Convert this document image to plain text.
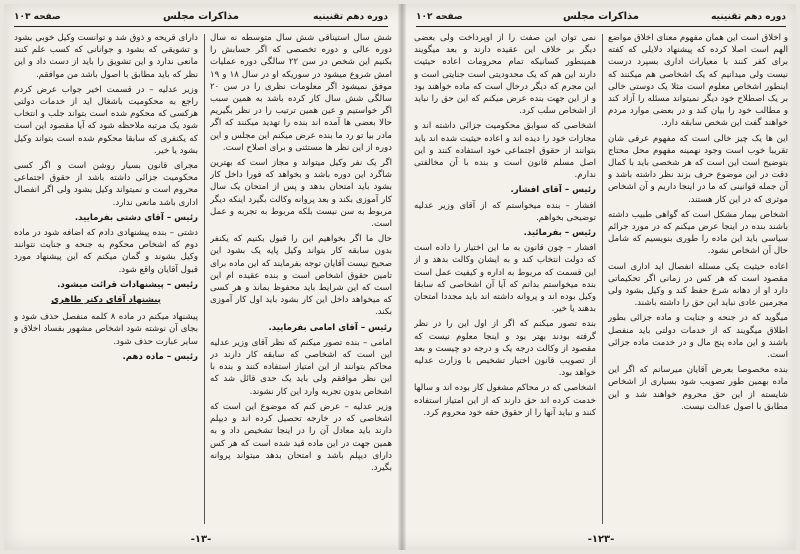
دوره دهم تقنینیه
مذاکرات مجلس
صفحه ۱۰۳

شش سال استیناقی شش سال متوسطه نه سال دوره عالی و دوره تخصصی که اگر حسابش را بکنیم این شخص در سن ۲۲ سالگی دوره عملیات امش شروع میشود در سوریکه او در سال ۱۸ و ۱۹ موفق نمیشود اگر معلومات نظری را در سن ۲۰ سالگی شش سال کار کرده باشد به همین سبب اگر خواستیم و عین همین ترتیب را در نظر بگیریم حالا بعضی ها آمده اند بنده را تهدید میکنند که اگر مادر بیا تو رد ما بنده عرض میکنم این مجلس و این دوره از این نظر ها مستثنی و برای اصلاح است.

اگر یک نفر وکیل میتواند و مجاز است که بهترین شاگرد این دوره باشد و بخواهد که فورا داخل کار بشود باید امتحان بدهد و پس از امتحان یک سال کار آموزی بکند و بعد پروانه وکالت بگیرد اینکه دیگر مربوط به سن نیست بلکه مربوط به تجربه و عمل است.

حال ما اگر بخواهیم این را قبول بکنیم که یکنفر بدون سابقه کار بتواند وکیل پایه یک بشود این صحیح نیست آقایان توجه بفرمایند که این ماده برای تامین حقوق اشخاص است و بنده عقیده ام این است که این شرایط باید محفوظ بماند و هر کسی که میخواهد داخل این کار بشود باید اول کار آموزی بکند.

رئیس – آقای امامی بفرمایید.

امامی – بنده تصور میکنم که نظر آقای وزیر عدلیه این است که اشخاصی که سابقه کار دارند در محاکم بتوانند از این امتیاز استفاده کنند و بنده با این نظر موافقم ولی باید یک حدی قائل شد که اشخاص بدون تجربه وارد این کار نشوند.

وزیر عدلیه – عرض کنم که موضوع این است که اشخاصی که در خارجه تحصیل کرده اند و دیپلم دارند باید معادل آن را در اینجا تشخیص داد و به همین جهت در این ماده قید شده است که هر کس دارای دیپلم باشد و امتحان بدهد میتواند پروانه بگیرد.

دارای قریحه و ذوق شد و توانست وکیل خوبی بشود و تشویقی که بشود و جوانانی که کسب علم کنند مانعی ندارد و این تشویق را باید از دست داد و این نظر که باید مطابق با اصول باشد من موافقم.

وزیر عدلیه – در قسمت اخیر جواب عرض کردم راجع به محکومیت باشغال اید از خدمات دولتی هرکسی که محکوم شده است بتواند جلب و انتخاب شود یک مرتبه ملاحظه شود که آیا مقصود این است که یکنفری که سابقا محکوم شده است بتواند وکیل بشود یا خیر.

مجرای قانون بسیار روشن است و اگر کسی محکومیت جزائی داشته باشد از حقوق اجتماعی محروم است و نمیتواند وکیل بشود ولی اگر انفصال اداری باشد مانعی ندارد.

رئیس – آقای دشتی بفرمایید.

دشتی – بنده پیشنهادی دادم که اضافه شود در ماده دوم که اشخاص محکوم به جنحه و جنایت نتوانند وکیل بشوند و گمان میکنم که این پیشنهاد مورد قبول آقایان واقع شود.

رئیس – پیشنهادات قرائت میشود.

پیشنهاد آقای دکتر طاهری

پیشنهاد میکنم در ماده ۸ کلمه منفصل حذف شود و بجای آن نوشته شود اشخاص مشهور بفساد اخلاق و سایر عبارت حذف شود.

رئیس – ماده دهم.

-۱۳-
دوره دهم تقنینیه
مذاکرات مجلس
صفحه ۱۰۲

و اخلاق است این همان مفهوم معنای اخلاق مواضع الهم است اصلا کرده که پیشنهاد دلایلی که کفته برای کفر کنند با معیارات اداری بسپرد درست نیست ولی میدانیم که یک اشخاصی هم میکنند که اینطور اشخاص معلوم است مثلا یک دوستی خالی بر یک اصطلاح خود دیگر نمیتواند مسئله را آزاد کند و مطالب خود را بیان کند و در بعضی موارد مردم خواهند گفت این شخص سابقه دارد.

این ها یک چیز خالی است که مفهوم عرفی شان تقریبا خوب است وجود نهمینه مفهوم محل محتاج بتوضیح است این است که هر شخصی باید با کمال دقت در این موضوع حرف بزند نظر داشته باشد و آن جمله قوانینی که ما در اینجا داریم و آن اشخاص موثری که در این کار هستند.

اشخاص بیمار مشکل است که گواهی طبیب داشته باشند بنده در اینجا عرض میکنم که در مورد جرائم سیاسی باید این ماده را طوری بنویسیم که شامل حال آن اشخاص نشود.

اعاده حیثیت یکی مسئله انفصال اید اداری است مقصود است که هر کس در زمانی اگر تحکیماتی دارد او از دهانه شرع حفظ کند و وکیل بشود ولی مجرمین عادی نباید این حق را داشته باشند.

میگوید که در جنحه و جنایت و ماده جزائی بطور اطلاق میگویند که از خدمات دولتی باید منفصل باشند و این ماده پنج مال و در خدمت ماده جزائی است.

بنده مخصوصا بعرض آقایان میرسانم که اگر این ماده بهمین طور تصویب شود بسیاری از اشخاص شایسته از این حق محروم خواهند شد و این مطابق با اصول عدالت نیست.

نمی توان این صفت را از اوپرداخت ولی بعضی دیگر بر خلاف این عقیده دارند و بعد میگویند همینطور کسانیکه تمام محرومات اعاده حیثیت دارند این هم که یک محدودیتی است جنایتی است و این مجرم که دیگر درحال است که ماده خواهند بود و از این جهت بنده عرض میکنم که این حق را نباید از اشخاص سلب کرد.

اشخاصی که سوابق محکومیت جزائی داشته اند و مجازات خود را دیده اند و اعاده حیثیت شده اند باید بتوانند از حقوق اجتماعی خود استفاده کنند و این اصل مسلم قانون است و بنده با آن مخالفتی ندارم.

رئیس – آقای افشار.

افشار – بنده میخواستم که از آقای وزیر عدلیه توضیحی بخواهم.

رئیس – بفرمائید.

افشار – چون قانون به ما این اختیار را داده است که دولت انتخاب کند و به ایشان وکالت بدهد و از این قسمت که مربوط به اداره و کیفیت عمل است بنده میخواستم بدانم که آیا آن اشخاصی که سابقا وکیل بوده اند و پروانه داشته اند باید مجددا امتحان بدهند یا خیر.

بنده تصور میکنم که اگر از اول این را در نظر گرفته بودند بهتر بود و اینجا معلوم نیست که مقصود از وکالت درجه یک و درجه دو چیست و بعد از تصویب قانون اختیار تشخیص با وزارت عدلیه خواهد بود.

اشخاصی که در محاکم مشغول کار بوده اند و سالها خدمت کرده اند حق دارند که از این امتیاز استفاده کنند و نباید آنها را از حقوق حقه خود محروم کرد.

-۱۲۳-
